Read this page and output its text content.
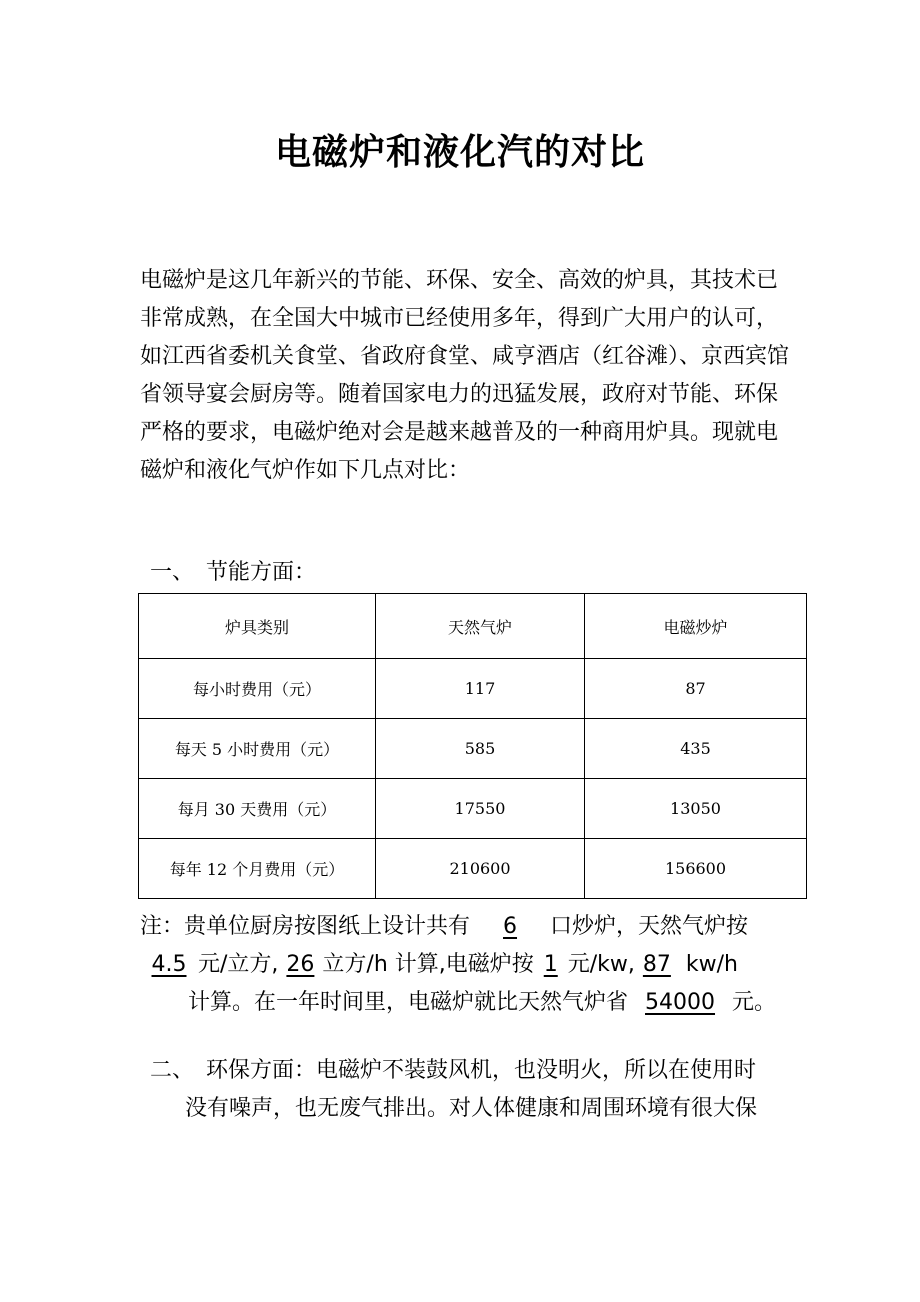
电磁炉和液化汽的对比

电磁炉是这几年新兴的节能、环保、安全、高效的炉具，其技术已非常成熟，在全国大中城市已经使用多年，得到广大用户的认可，如江西省委机关食堂、省政府食堂、咸亨酒店（红谷滩）、京西宾馆省领导宴会厨房等。随着国家电力的迅猛发展，政府对节能、环保严格的要求，电磁炉绝对会是越来越普及的一种商用炉具。现就电磁炉和液化气炉作如下几点对比：

一、 节能方面：

炉具类别	天然气炉	电磁炒炉
每小时费用（元）	117	87
每天 5 小时费用（元）	585	435
每月 30 天费用（元）	17550	13050
每年 12 个月费用（元）	210600	156600

注：贵单位厨房按图纸上设计共有 6 口炒炉，天然气炉按
4.5 元/立方, 26 立方/h 计算,电磁炉按 1 元/kw, 87 kw/h
计算。在一年时间里，电磁炉就比天然气炉省 54000 元。

二、 环保方面：电磁炉不装鼓风机，也没明火，所以在使用时
没有噪声，也无废气排出。对人体健康和周围环境有很大保
